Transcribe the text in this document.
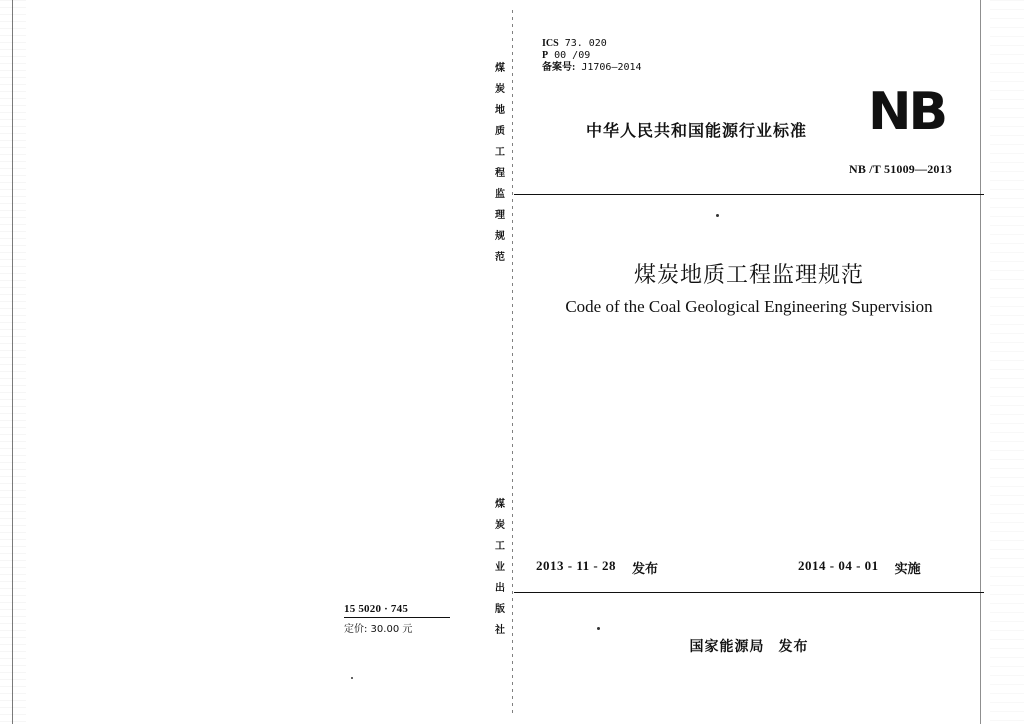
15 5020 · 745
定价: 30.00 元
煤
炭
地
质
工
程
监
理
规
范
煤
炭
工
业
出
版
社
ICS 73. 020
P 00 /09
备案号: J1706—2014
中华人民共和国能源行业标准 NB
NB /T 51009—2013
煤炭地质工程监理规范
Code of the Coal Geological Engineering Supervision
2013 - 11 - 28 发布	2014 - 04 - 01 实施
国家能源局 发布
